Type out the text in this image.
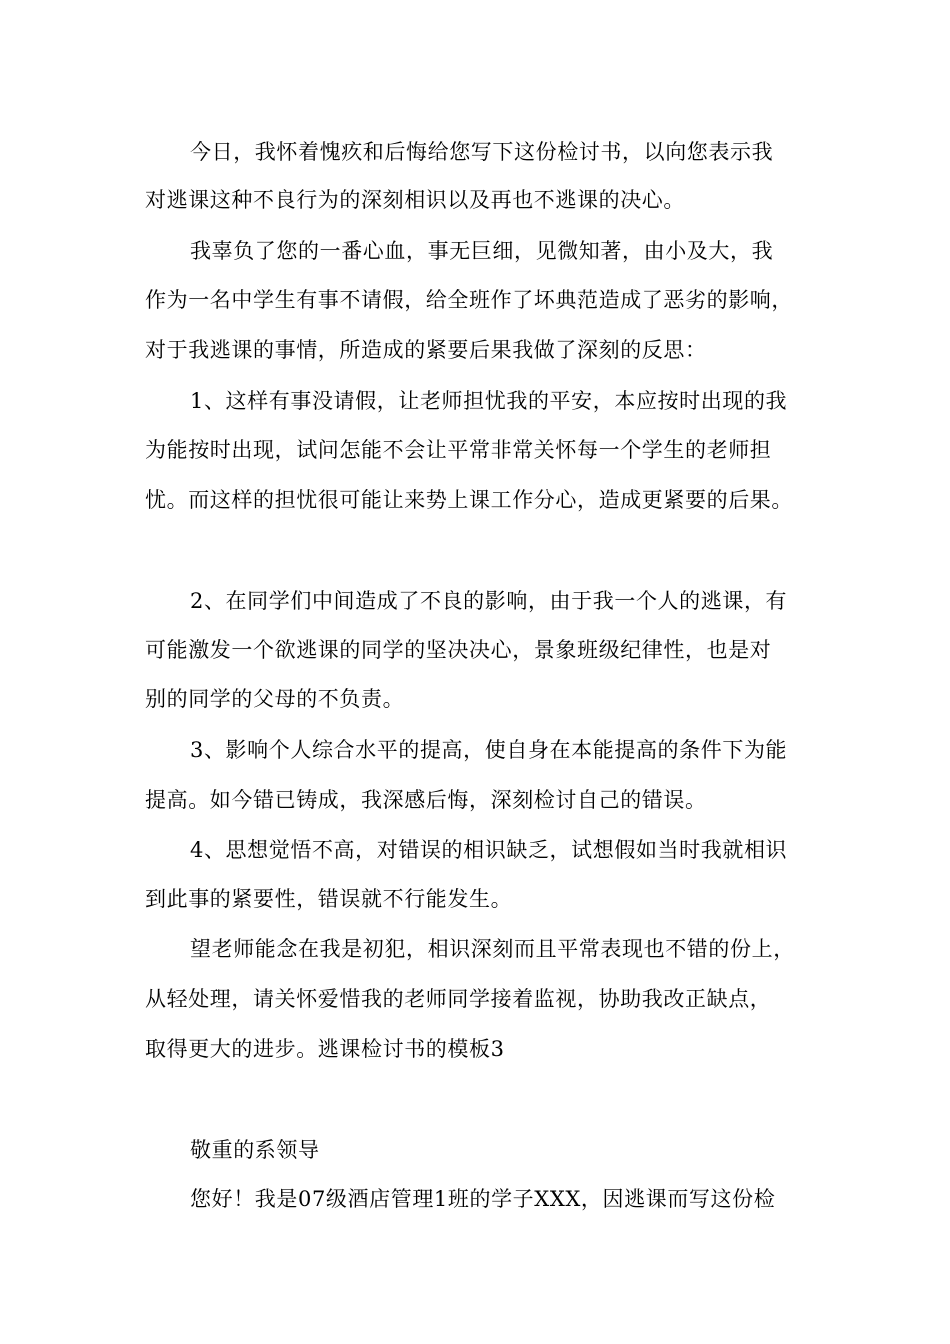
今日，我怀着愧疚和后悔给您写下这份检讨书，以向您表示我
对逃课这种不良行为的深刻相识以及再也不逃课的决心。
我辜负了您的一番心血，事无巨细，见微知著，由小及大，我
作为一名中学生有事不请假，给全班作了坏典范造成了恶劣的影响，
对于我逃课的事情，所造成的紧要后果我做了深刻的反思：
1、这样有事没请假，让老师担忧我的平安，本应按时出现的我
为能按时出现，试问怎能不会让平常非常关怀每一个学生的老师担
忧。而这样的担忧很可能让来势上课工作分心，造成更紧要的后果。
2、在同学们中间造成了不良的影响，由于我一个人的逃课，有
可能激发一个欲逃课的同学的坚决决心，景象班级纪律性，也是对
别的同学的父母的不负责。
3、影响个人综合水平的提高，使自身在本能提高的条件下为能
提高。如今错已铸成，我深感后悔，深刻检讨自己的错误。
4、思想觉悟不高，对错误的相识缺乏，试想假如当时我就相识
到此事的紧要性，错误就不行能发生。
望老师能念在我是初犯，相识深刻而且平常表现也不错的份上，
从轻处理，请关怀爱惜我的老师同学接着监视，协助我改正缺点，
取得更大的进步。逃课检讨书的模板3
敬重的系领导
您好！我是07级酒店管理1班的学子XXX，因逃课而写这份检
